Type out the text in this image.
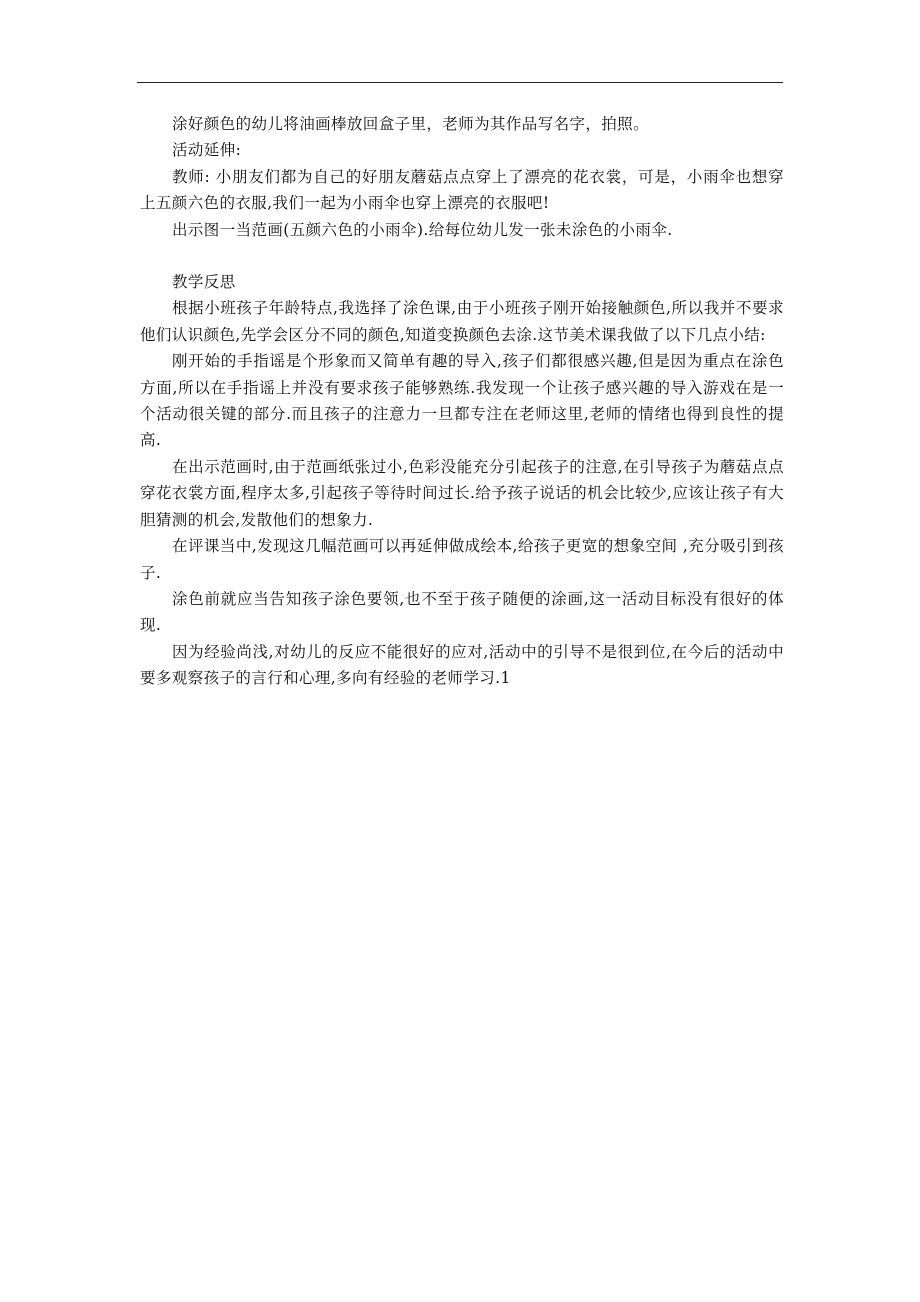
涂好颜色的幼儿将油画棒放回盒子里，老师为其作品写名字，拍照。

活动延伸:

教师: 小朋友们都为自己的好朋友蘑菇点点穿上了漂亮的花衣裳，可是，小雨伞也想穿上五颜六色的衣服,我们一起为小雨伞也穿上漂亮的衣服吧!

出示图一当范画(五颜六色的小雨伞).给每位幼儿发一张未涂色的小雨伞.

教学反思

根据小班孩子年龄特点,我选择了涂色课,由于小班孩子刚开始接触颜色,所以我并不要求他们认识颜色,先学会区分不同的颜色,知道变换颜色去涂.这节美术课我做了以下几点小结:

刚开始的手指谣是个形象而又简单有趣的导入,孩子们都很感兴趣,但是因为重点在涂色方面,所以在手指谣上并没有要求孩子能够熟练.我发现一个让孩子感兴趣的导入游戏在是一个活动很关键的部分.而且孩子的注意力一旦都专注在老师这里,老师的情绪也得到良性的提高.

在出示范画时,由于范画纸张过小,色彩没能充分引起孩子的注意,在引导孩子为蘑菇点点穿花衣裳方面,程序太多,引起孩子等待时间过长.给予孩子说话的机会比较少,应该让孩子有大胆猜测的机会,发散他们的想象力.

在评课当中,发现这几幅范画可以再延伸做成绘本,给孩子更宽的想象空间 ,充分吸引到孩子.

涂色前就应当告知孩子涂色要领,也不至于孩子随便的涂画,这一活动目标没有很好的体现.

因为经验尚浅,对幼儿的反应不能很好的应对,活动中的引导不是很到位,在今后的活动中要多观察孩子的言行和心理,多向有经验的老师学习.1
